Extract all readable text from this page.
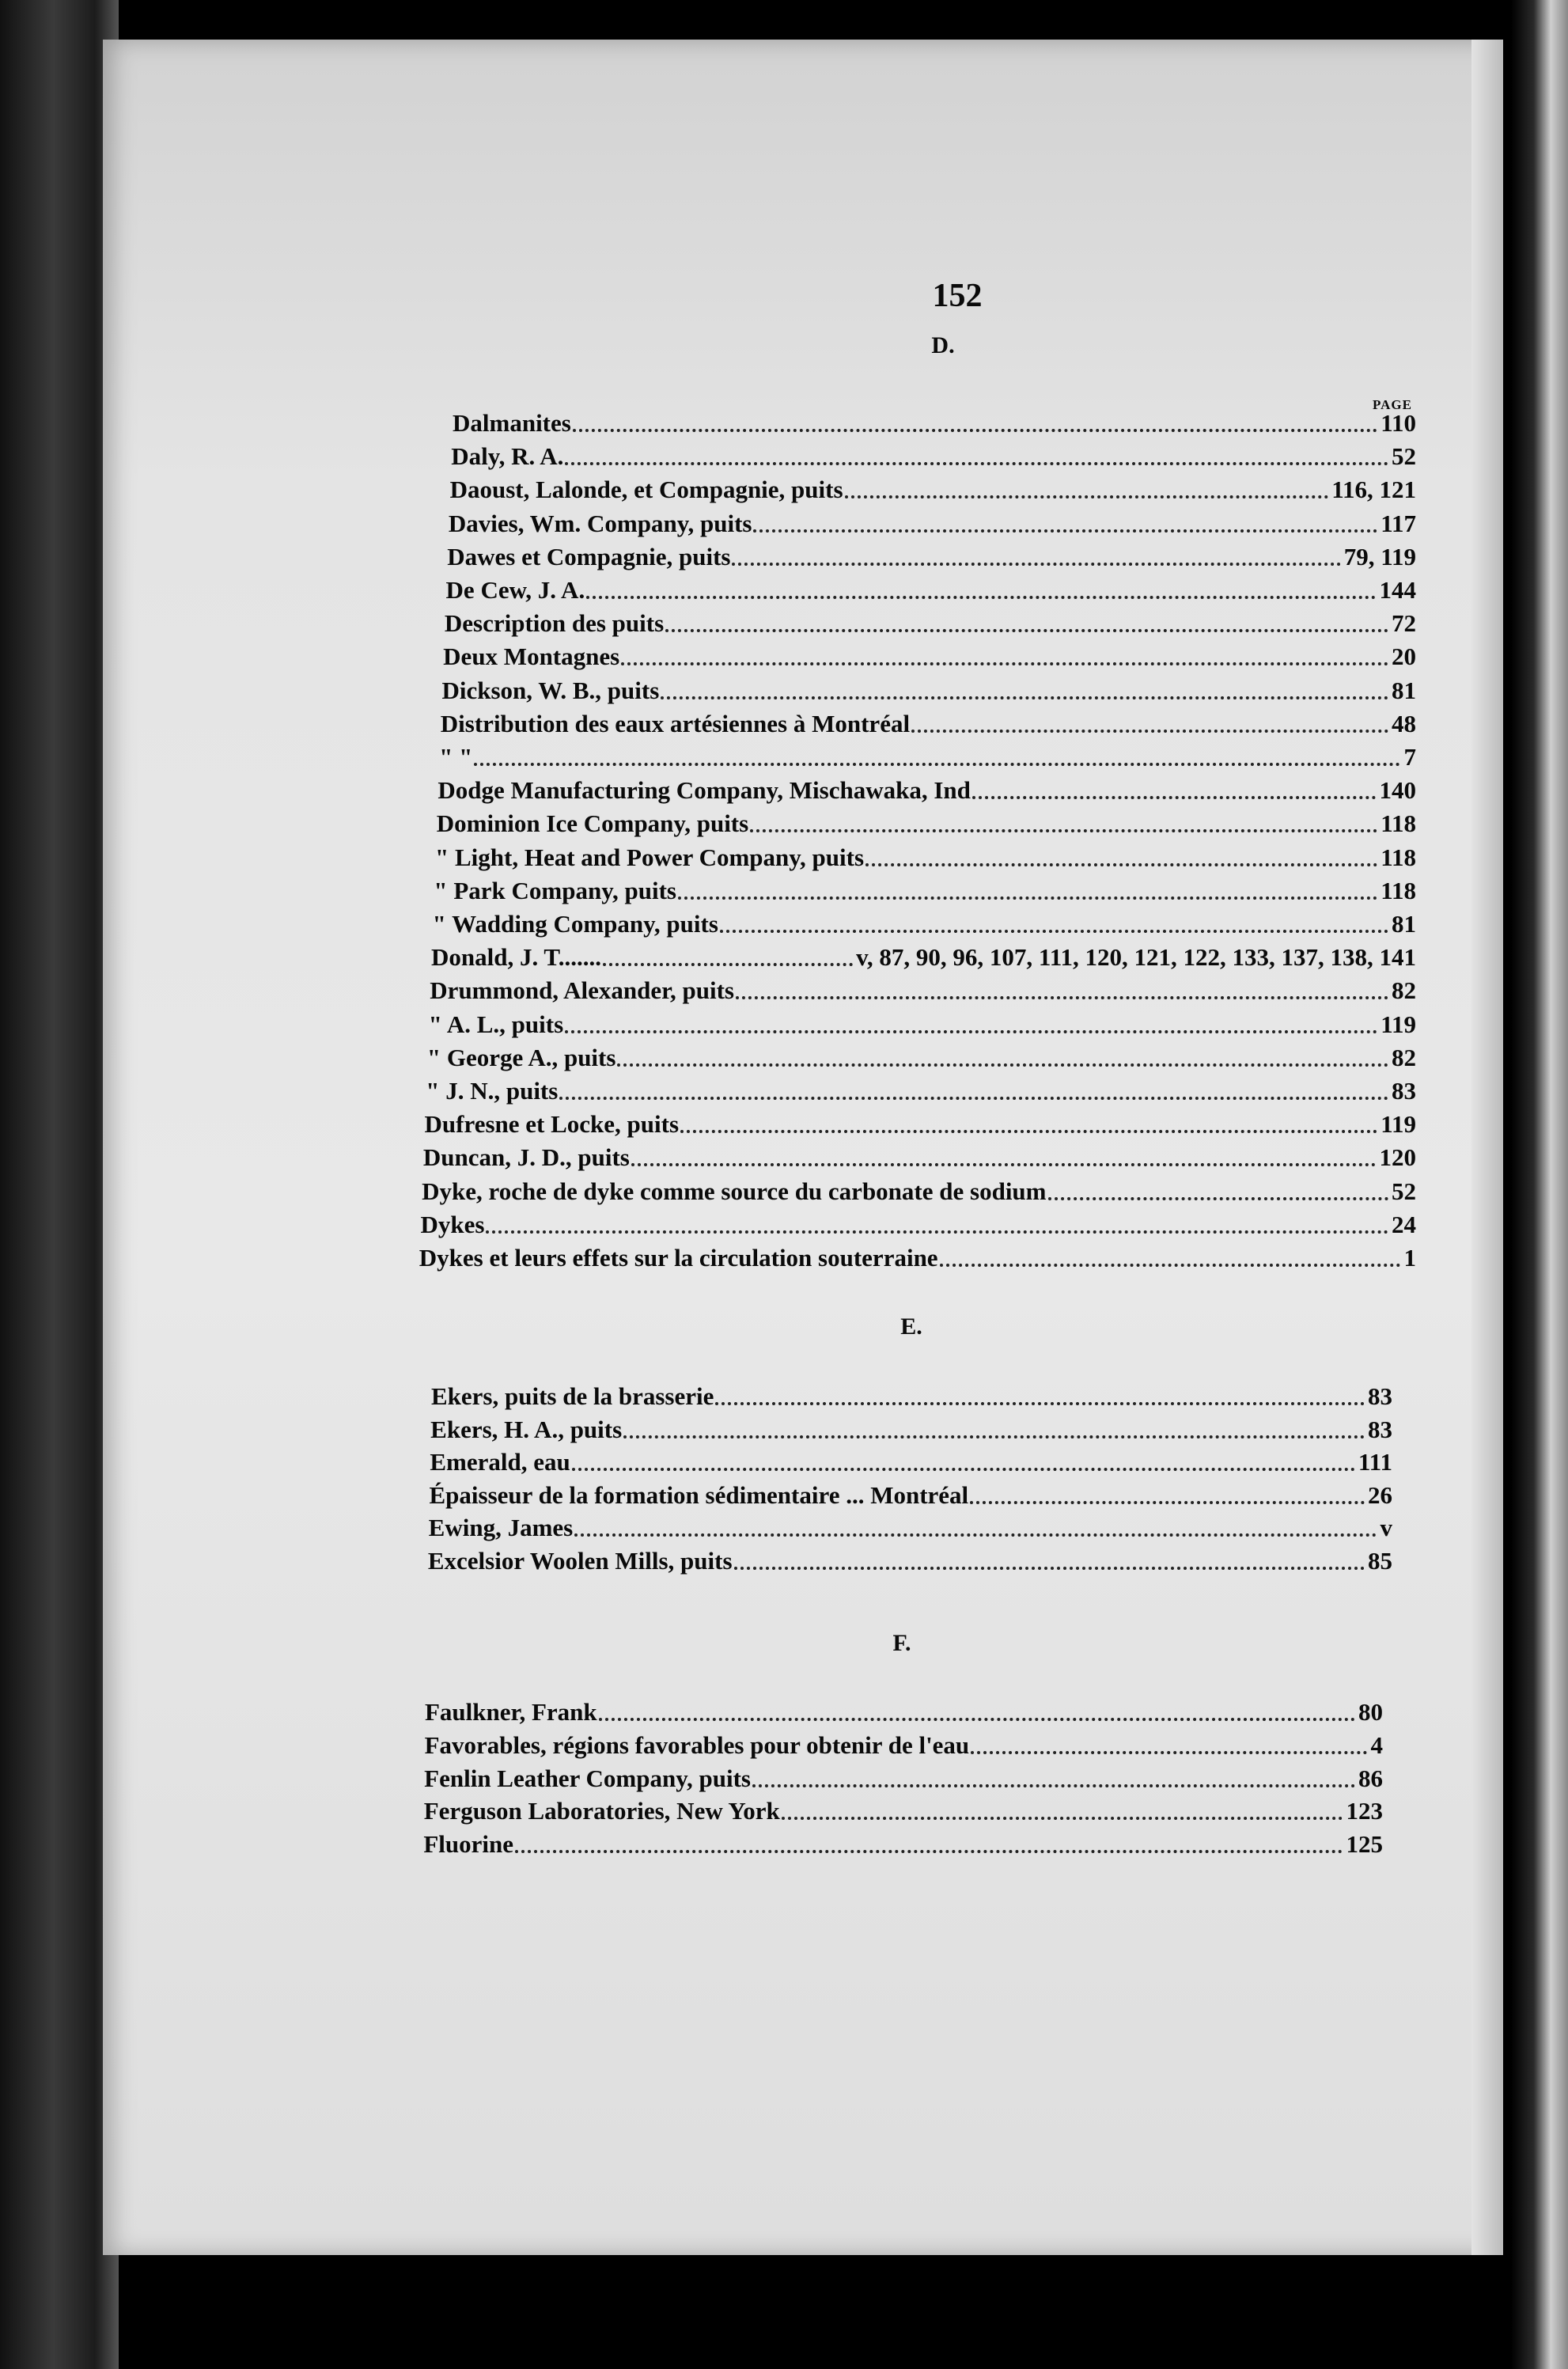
152
PAGE
D.
Dalmanites	110
Daly, R. A.	52
Daoust, Lalonde, et Compagnie, puits	116, 121
Davies, Wm. Company, puits	117
Dawes et Compagnie, puits	79, 119
De Cew, J. A.	144
Description des puits	72
Deux Montagnes	20
Dickson, W. B., puits	81
Distribution des eaux artésiennes à Montréal	48
" "	7
Dodge Manufacturing Company, Mischawaka, Ind	140
Dominion Ice Company, puits	118
" Light, Heat and Power Company, puits	118
" Park Company, puits	118
" Wadding Company, puits	81
Donald, J. T.......	v, 87, 90, 96, 107, 111, 120, 121, 122, 133, 137, 138, 141
Drummond, Alexander, puits	82
" A. L., puits	119
" George A., puits	82
" J. N., puits	83
Dufresne et Locke, puits	119
Duncan, J. D., puits	120
Dyke, roche de dyke comme source du carbonate de sodium	52
Dykes	24
Dykes et leurs effets sur la circulation souterraine	1
E.
Ekers, puits de la brasserie	83
Ekers, H. A., puits	83
Emerald, eau	111
Épaisseur de la formation sédimentaire ... Montréal	26
Ewing, James	v
Excelsior Woolen Mills, puits	85
F.
Faulkner, Frank	80
Favorables, régions favorables pour obtenir de l'eau	4
Fenlin Leather Company, puits	86
Ferguson Laboratories, New York	123
Fluorine	125
